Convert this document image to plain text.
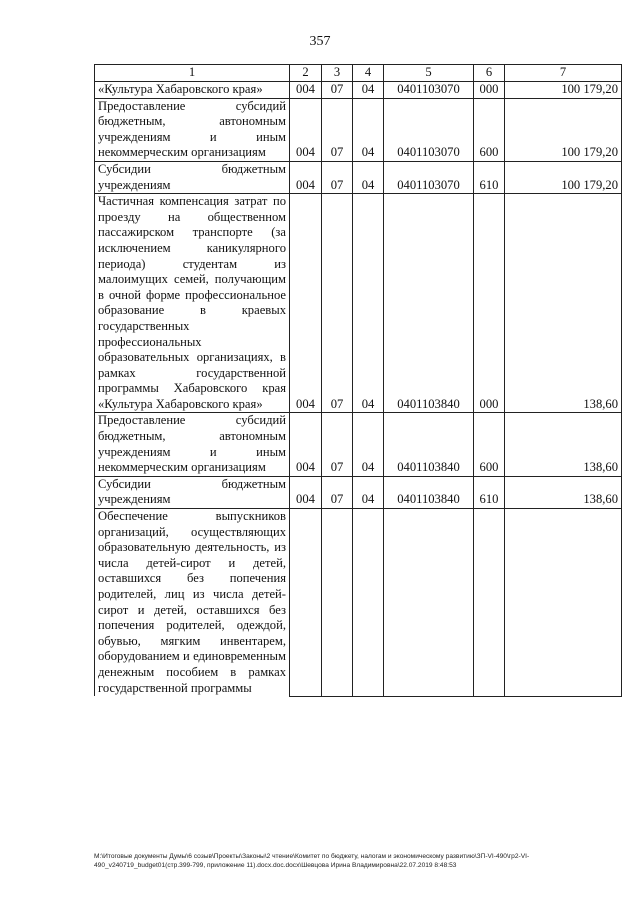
357
1	2	3	4	5	6	7
«Культура Хабаровского края»	004	07	04	0401103070	000	100 179,20
Предоставление субсидий бюджетным, автономным учреждениям и иным некоммерческим организациям	004	07	04	0401103070	600	100 179,20
Субсидии бюджетным учреждениям	004	07	04	0401103070	610	100 179,20
Частичная компенсация затрат по проезду на общественном пассажирском транспорте (за исключением каникулярного периода) студентам из малоимущих семей, получающим в очной форме профессиональное образование в краевых государственных профессиональных образовательных организациях, в рамках государственной программы Хабаровского края «Культура Хабаровского края»	004	07	04	0401103840	000	138,60
Предоставление субсидий бюджетным, автономным учреждениям и иным некоммерческим организациям	004	07	04	0401103840	600	138,60
Субсидии бюджетным учреждениям	004	07	04	0401103840	610	138,60
Обеспечение выпускников организаций, осуществляющих образовательную деятельность, из числа детей-сирот и детей, оставшихся без попечения родителей, лиц из числа детей-сирот и детей, оставшихся без попечения родителей, одеждой, обувью, мягким инвентарем, оборудованием и единовременным денежным пособием в рамках государственной программы						
М:\Итоговые документы Думы\6 созыв\Проекты\Законы\2 чтение\Комитет по бюджету, налогам и экономическому развитию\ЗП-VI-490\гр2-VI-490_v240719_budget01(стр.399-799, приложение 11).docx.doc.docx\Шевцова Ирина Владимировна\22.07.2019 8:48:53
